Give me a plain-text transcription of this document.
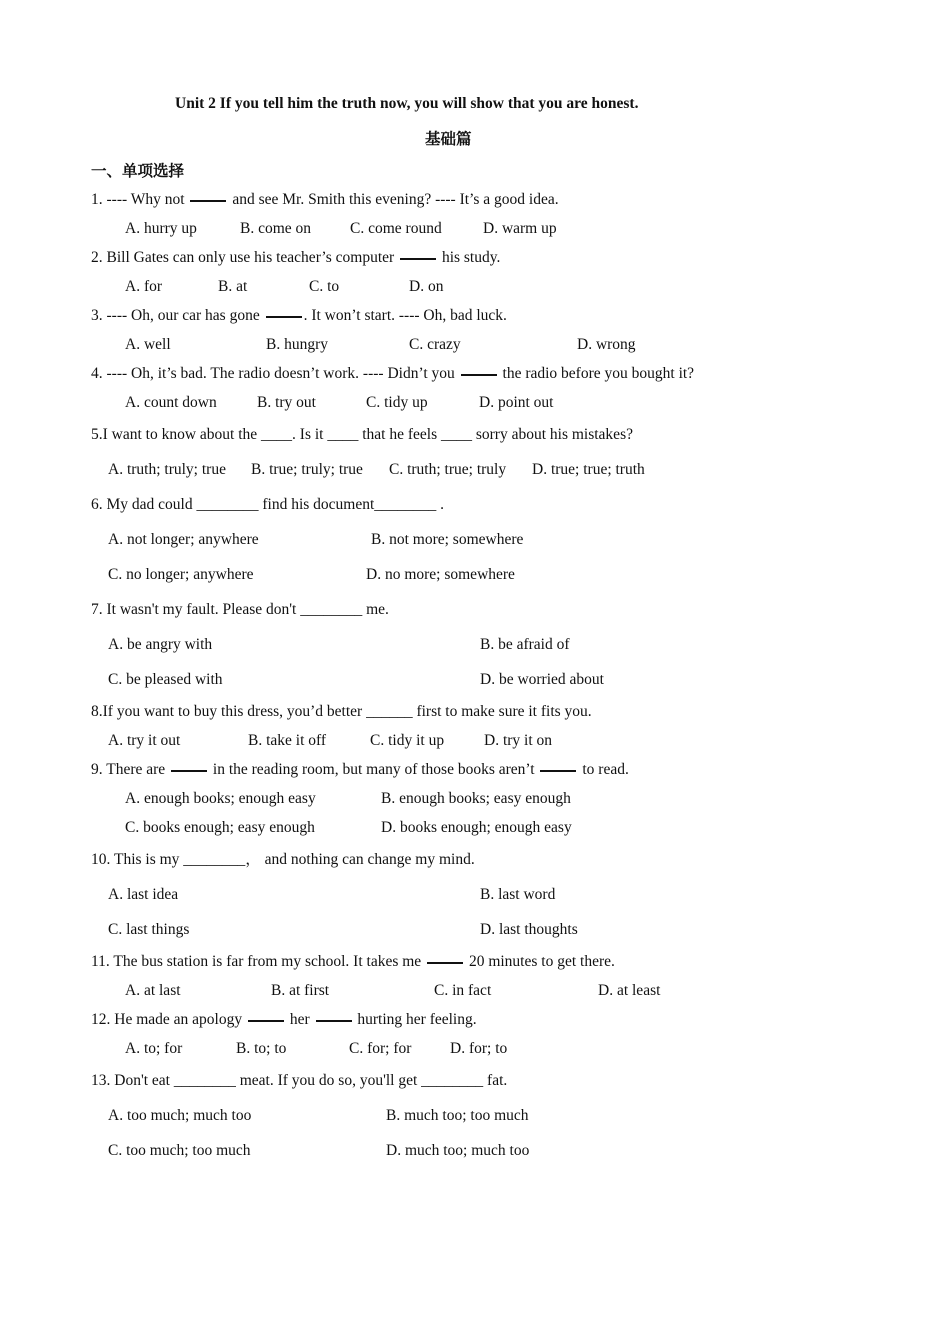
Unit 2 If you tell him the truth now, you will show that you are honest.
基础篇
一、单项选择
1. ---- Why not	and see Mr. Smith this evening? ---- It’s a good idea.
A. hurry up	B. come on	C. come round	D. warm up
2. Bill Gates can only use his teacher’s computer	his study.
A. for	B. at	C. to	D. on
3. ---- Oh, our car has gone	. It won’t start. ---- Oh, bad luck.
A. well	B. hungry	C. crazy	D. wrong
4. ---- Oh, it’s bad. The radio doesn’t work. ---- Didn’t you	the radio before you bought it?
A. count down	B. try out	C. tidy up	D. point out
5.I want to know about the ____. Is it ____ that he feels ____ sorry about his mistakes?
A. truth; truly; true B. true; truly; true C. truth; true; truly D. true; true; truth
6. My dad could ________ find his document________ .
A. not longer; anywhere	B. not more; somewhere
C. no longer; anywhere	D. no more; somewhere
7. It wasn't my fault. Please don't ________ me.
A. be angry with	B. be afraid of
C. be pleased with	D. be worried about
8.If you want to buy this dress, you’d better ______ first to make sure it fits you.
A. try it out	B. take it off	C. tidy it up	D. try it on
9. There are	in the reading room, but many of those books aren’t	to read.
A. enough books; enough easy	B. enough books; easy enough
C. books enough; easy enough	D. books enough; enough easy
10. This is my ________， and nothing can change my mind.
A. last idea	B. last word
C. last things	D. last thoughts
11. The bus station is far from my school. It takes me	20 minutes to get there.
A. at last	B. at first	C. in fact	D. at least
12. He made an apology	her	hurting her feeling.
A. to; for	B. to; to	C. for; for D. for; to
13. Don't eat ________ meat. If you do so, you'll get ________ fat.
A. too much; much too	B. much too; too much
C. too much; too much	D. much too; much too
